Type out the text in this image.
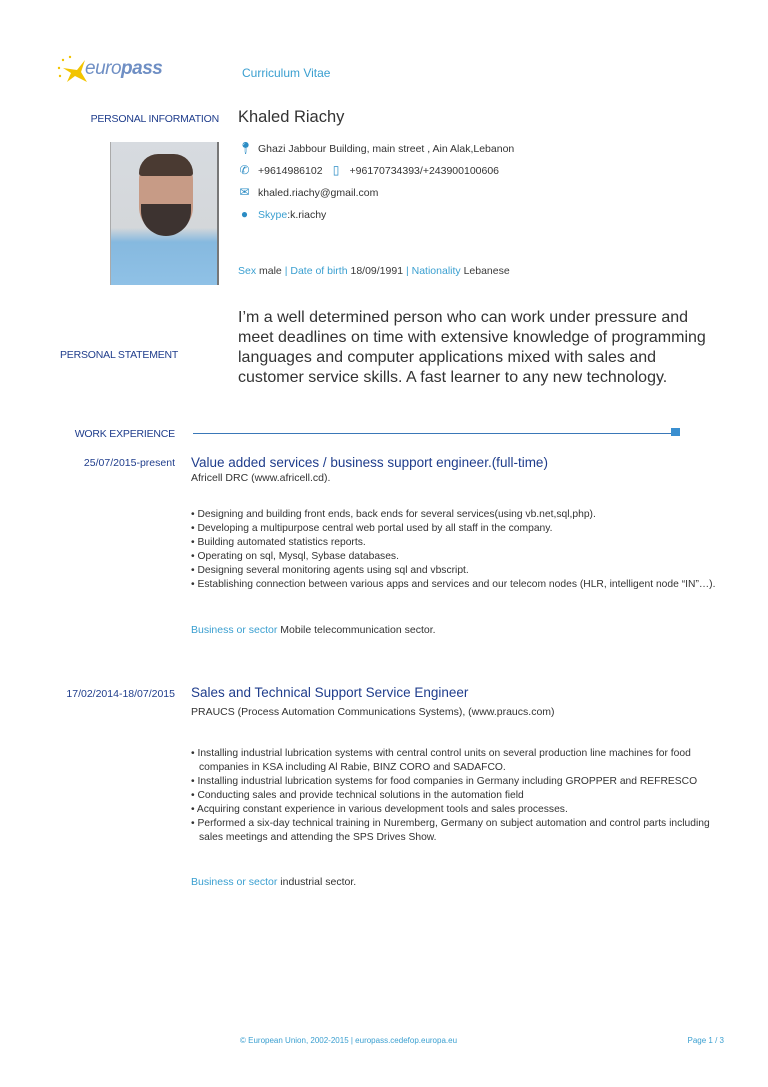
europass	Curriculum Vitae
PERSONAL INFORMATION Khaled Riachy
📍︎ Ghazi Jabbour Building, main street , Ain Alak,Lebanon
✆ +9614986102 ▯ +96170734393/+243900100606
✉ khaled.riachy@gmail.com
● Skype:k.riachy
Sex male | Date of birth 18/09/1991 | Nationality Lebanese
PERSONAL STATEMENT
I’m a well determined person who can work under pressure and meet deadlines on time with extensive knowledge of programming languages and computer applications mixed with sales and customer service skills. A fast learner to any new technology.
WORK EXPERIENCE
25/07/2015-present Value added services / business support engineer.(full-time)
Africell DRC (www.africell.cd).
• Designing and building front ends, back ends for several services(using vb.net,sql,php).
• Developing a multipurpose central web portal used by all staff in the company.
• Building automated statistics reports.
• Operating on sql, Mysql, Sybase databases.
• Designing several monitoring agents using sql and vbscript.
• Establishing connection between various apps and services and our telecom nodes (HLR, intelligent node “IN”…).
Business or sector Mobile telecommunication sector.
17/02/2014-18/07/2015 Sales and Technical Support Service Engineer
PRAUCS (Process Automation Communications Systems), (www.praucs.com)
• Installing industrial lubrication systems with central control units on several production line machines for food companies in KSA including Al Rabie, BINZ CORO and SADAFCO.
• Installing industrial lubrication systems for food companies in Germany including GROPPER and REFRESCO
• Conducting sales and provide technical solutions in the automation field
• Acquiring constant experience in various development tools and sales processes.
• Performed a six-day technical training in Nuremberg, Germany on subject automation and control parts including sales meetings and attending the SPS Drives Show.
Business or sector industrial sector.
© European Union, 2002-2015 | europass.cedefop.europa.eu	Page 1 / 3
